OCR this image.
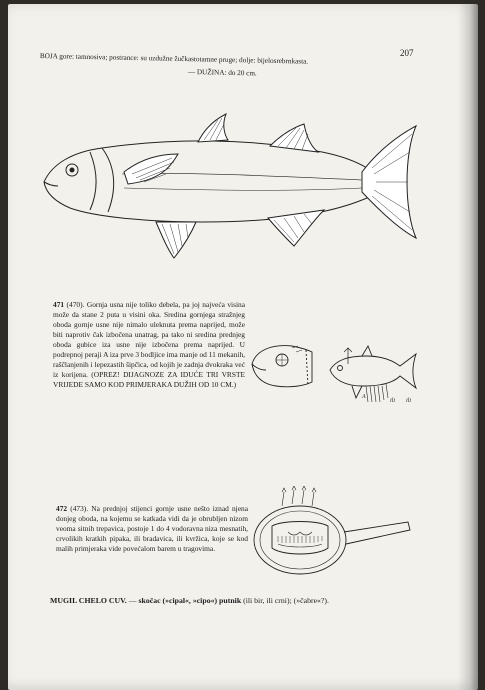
207
BOJA gore: tamnosiva; postrance: su uzdužne žučkastotamne pruge; dolje: bijelosrebrnkasta.
— DUŽINA: do 20 cm.
471 (470). Gornja usna nije toliko debela, pa joj najveća visina može da stane 2 puta u visini oka. Sredina gornjega stražnjeg oboda gornje usne nije nimalo uleknuta prema naprijed, može biti naprotiv čak izbočena unatrag, pa tako ni sredina prednjeg oboda gubice iza usne nije izbočena prema naprijed. U podrepnoj peraji A iza prve 3 bodljice ima manje od 11 mekanih, raščlanjenih i lepezastih šipčica, od kojih je zadnja dvokraka već iz korijena. (OPREZ! DIJAGNOZE ZA IDUĆE TRI VRSTE VRIJEDE SAMO KOD PRIMJERAKA DUŽIH OD 10 CM.)
A
ili ili
472 (473). Na prednjoj stijenci gornje usne nešto iznad njena donjeg oboda, na kojemu se katkada vidi da je obrubljen nizom veoma sitnih trepavica, postoje 1 do 4 vodoravna niza mesnatih, crvolikih kratkih pipaka, ili bradavica, ili kvržica, koje se kod malih primjeraka vide povećalom barem u tragovima.
MUGIL CHELO CUV. — skočac (»cipal«, »cipo«) putnik (ili bir, ili crni); (»čabre«?).
